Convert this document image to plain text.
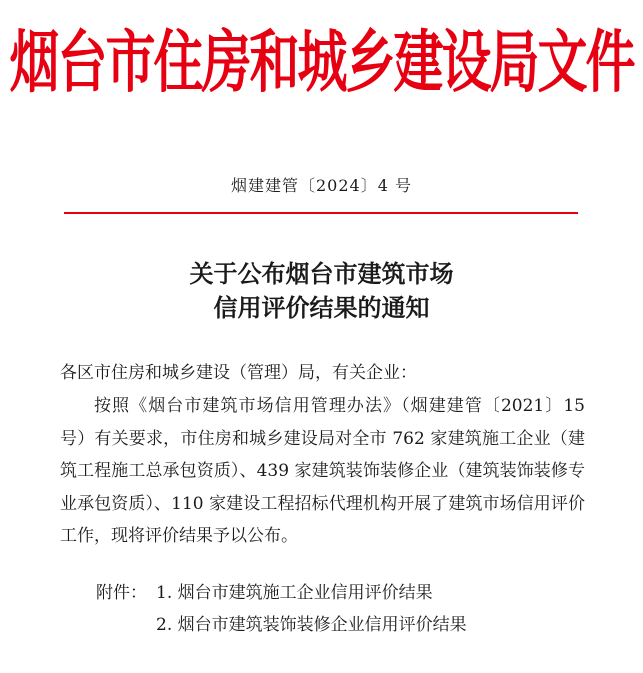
烟台市住房和城乡建设局文件
烟建建管〔2024〕4 号
关于公布烟台市建筑市场
信用评价结果的通知
各区市住房和城乡建设（管理）局，有关企业：
按照《烟台市建筑市场信用管理办法》（烟建建管〔2021〕15 号）有关要求，市住房和城乡建设局对全市 762 家建筑施工企业（建筑工程施工总承包资质）、439 家建筑装饰装修企业（建筑装饰装修专业承包资质）、110 家建设工程招标代理机构开展了建筑市场信用评价工作，现将评价结果予以公布。
附件： 1. 烟台市建筑施工企业信用评价结果
2. 烟台市建筑装饰装修企业信用评价结果
